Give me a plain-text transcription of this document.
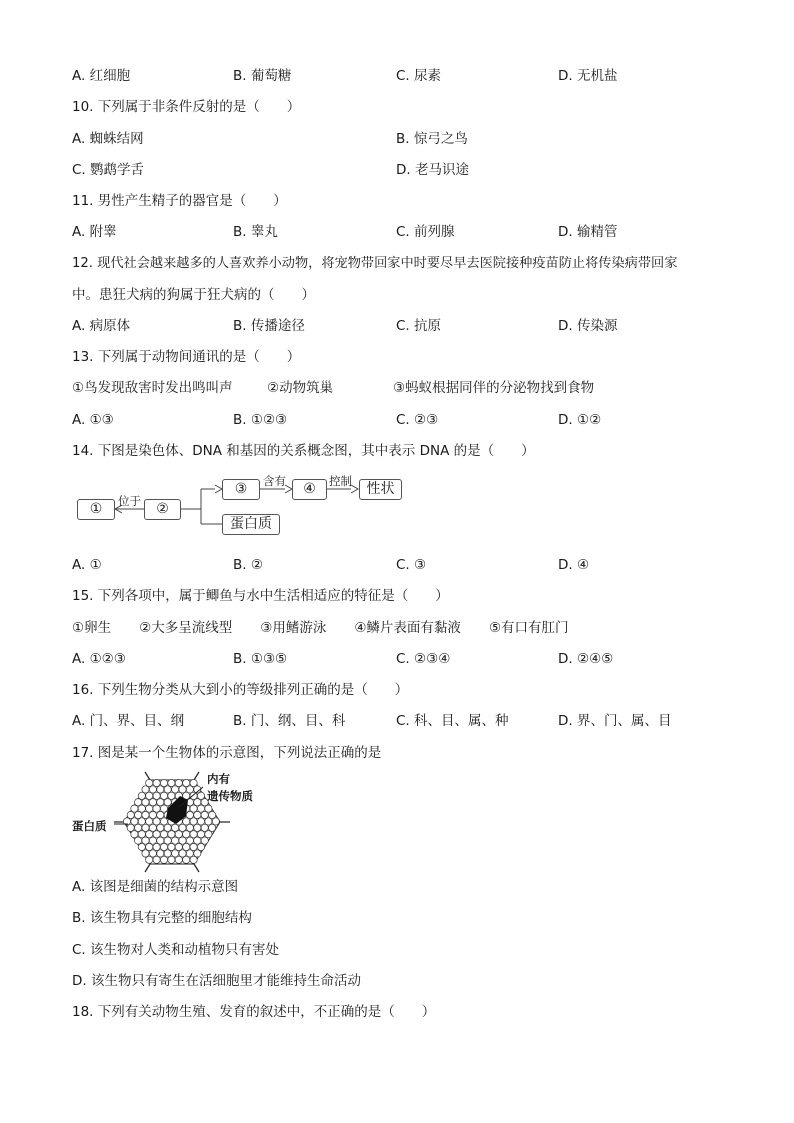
A. 红细胞	B. 葡萄糖	C. 尿素	D. 无机盐
10. 下列属于非条件反射的是（　　）
A. 蜘蛛结网	B. 惊弓之鸟
C. 鹦鹉学舌	D. 老马识途
11. 男性产生精子的器官是（　　）
A. 附睾	B. 睾丸	C. 前列腺	D. 输精管
12. 现代社会越来越多的人喜欢养小动物，将宠物带回家中时要尽早去医院接种疫苗防止将传染病带回家
中。患狂犬病的狗属于狂犬病的（　　）
A. 病原体	B. 传播途径	C. 抗原	D. 传染源
13. 下列属于动物间通讯的是（　　）
①鸟发现敌害时发出鸣叫声	②动物筑巢	③蚂蚁根据同伴的分泌物找到食物
A. ①③	B. ①②③	C. ②③	D. ①②
14. 下图是染色体、DNA 和基因的关系概念图，其中表示 DNA 的是（　　）
①	②
③	④	性状
蛋白质
位于
含有	控制
A. ①	B. ②	C. ③	D. ④
15. 下列各项中，属于鲫鱼与水中生活相适应的特征是（　　）
①卵生 ②大多呈流线型 ③用鳍游泳 ④鳞片表面有黏液 ⑤有口有肛门
A. ①②③	B. ①③⑤	C. ②③④	D. ②④⑤
16. 下列生物分类从大到小的等级排列正确的是（　　）
A. 门、界、目、纲	B. 门、纲、目、科	C. 科、目、属、种	D. 界、门、属、目
17. 图是某一个生物体的示意图，下列说法正确的是
内有
遗传物质
蛋白质
A. 该图是细菌的结构示意图
B. 该生物具有完整的细胞结构
C. 该生物对人类和动植物只有害处
D. 该生物只有寄生在活细胞里才能维持生命活动
18. 下列有关动物生殖、发育的叙述中，不正确的是（　　）
